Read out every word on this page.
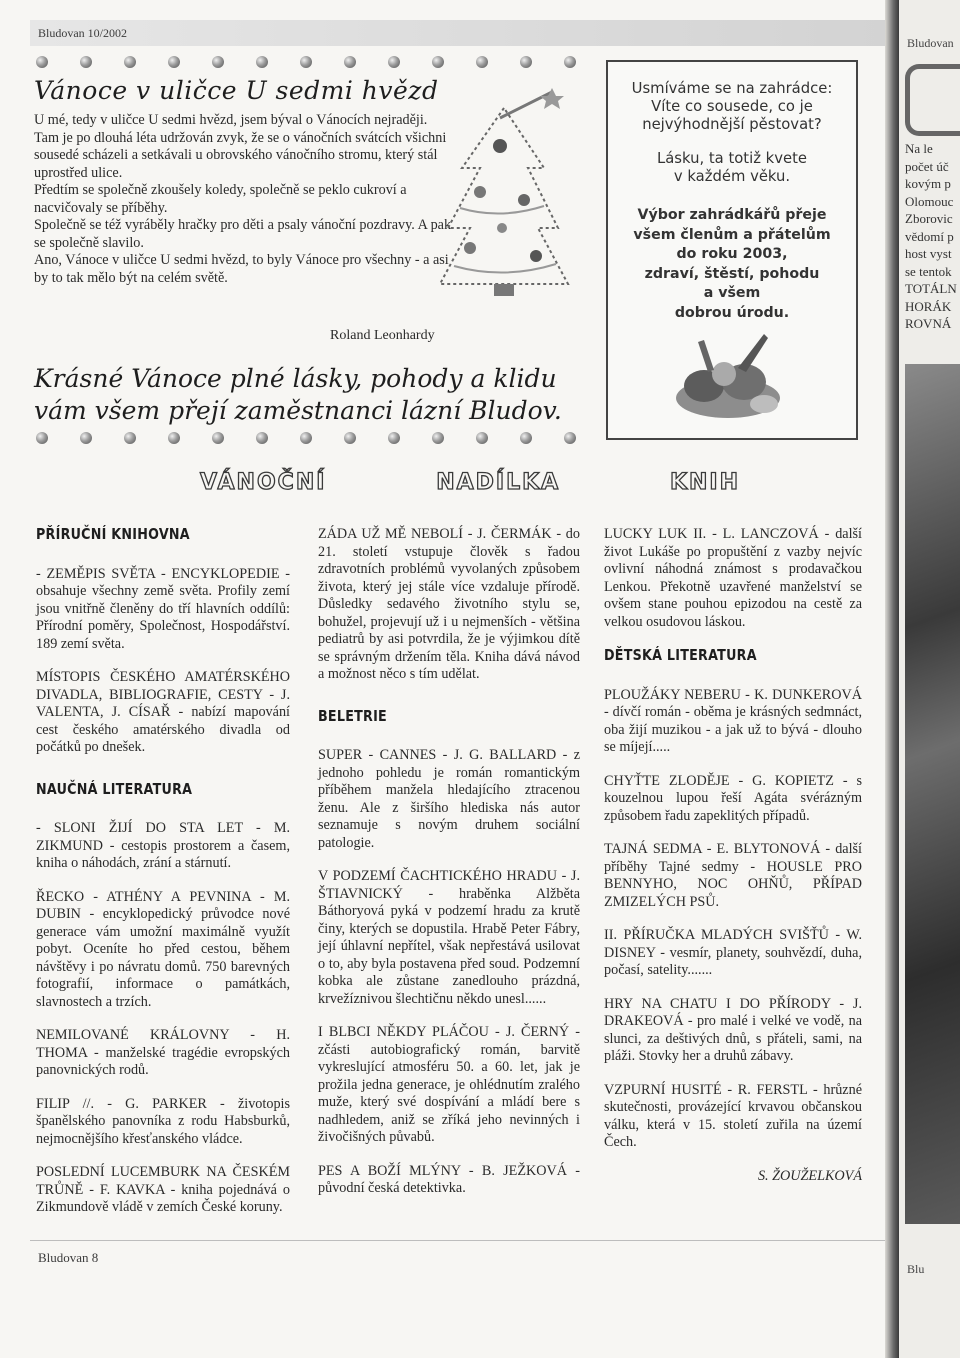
Bludovan 10/2002
Vánoce v uličce U sedmi hvězd

U mé, tedy v uličce U sedmi hvězd, jsem býval o Vánocích nejraději.

Tam je po dlouhá léta udržován zvyk, že se o vánočních svátcích všichni sousedé scházeli a setkávali u obrovského vánočního stromu, který stál uprostřed ulice.

Předtím se společně zkoušely koledy, společně se peklo cukroví a nacvičovaly se příběhy.

Společně se též vyráběly hračky pro děti a psaly vánoční pozdravy. A pak se společně slavilo.

Ano, Vánoce v uličce U sedmi hvězd, to byly Vánoce pro všechny - a asi by to tak mělo být na celém světě.

Roland Leonhardy
Krásné Vánoce plné lásky, pohody a klidu
vám všem přejí zaměstnanci lázní Bludov.
Usmíváme se na zahrádce:
Víte co sousede, co je
nejvýhodnější pěstovat?
Lásku, ta totiž kvete
v každém věku.
Výbor zahrádkářů přeje
všem členům a přátelům
do roku 2003,
zdraví, štěstí, pohodu
a všem
dobrou úrodu.
VÁNOČNÍ	NADÍLKA	KNIH
PŘÍRUČNÍ KNIHOVNA

- ZEMĚPIS SVĚTA - ENCYKLOPEDIE - obsahuje všechny země světa. Profily zemí jsou vnitřně členěny do tří hlavních oddílů: Přírodní poměry, Společnost, Hospodářství. 189 zemí světa.

MÍSTOPIS ČESKÉHO AMATÉRSKÉHO DIVADLA, BIBLIOGRAFIE, CESTY - J. VALENTA, J. CÍSAŘ - nabízí mapování cest českého amatérského divadla od počátků po dnešek.

NAUČNÁ LITERATURA

- SLONI ŽIJÍ DO STA LET - M. ZIKMUND - cestopis prostorem a časem, kniha o náhodách, zrání a stárnutí.

ŘECKO - ATHÉNY A PEVNINA - M. DUBIN - encyklopedický průvodce nové generace vám umožní maximálně využít pobyt. Oceníte ho před cestou, během návštěvy i po návratu domů. 750 barevných fotografií, informace o památkách, slavnostech a trzích.

NEMILOVANÉ KRÁLOVNY - H. THOMA - manželské tragédie evropských panovnických rodů.

FILIP //. - G. PARKER - životopis španělského panovníka z rodu Habsburků, nejmocnějšího křesťanského vládce.

POSLEDNÍ LUCEMBURK NA ČESKÉM TRŮNĚ - F. KAVKA - kniha pojednává o Zikmundově vládě v zemích České koruny.

ZÁDA UŽ MĚ NEBOLÍ - J. ČERMÁK - do 21. století vstupuje člověk s řadou zdravotních problémů vyvolaných způsobem života, který jej stále více vzdaluje přírodě. Důsledky sedavého životního stylu se, bohužel, projevují už i u nejmenších - většina pediatrů by asi potvrdila, že je výjimkou dítě se správným držením těla. Kniha dává návod a možnost něco s tím udělat.

BELETRIE

SUPER - CANNES - J. G. BALLARD - z jednoho pohledu je román romantickým příběhem manžela hledajícího ztracenou ženu. Ale z širšího hlediska nás autor seznamuje s novým druhem sociální patologie.

V PODZEMÍ ČACHTICKÉHO HRADU - J. ŠTIAVNICKÝ - hraběnka Alžběta Báthoryová pyká v podzemí hradu za krutě činy, kterých se dopustila. Hrabě Peter Fábry, její úhlavní nepřítel, však nepřestává usilovat o to, aby byla postavena před soud. Podzemní kobka ale zůstane zanedlouho prázdná, krvežíznivou šlechtičnu někdo unesl......

I BLBCI NĚKDY PLÁČOU - J. ČERNÝ - zčásti autobiografický román, barvitě vykreslující atmosféru 50. a 60. let, jak je prožila jedna generace, je ohlédnutím zralého muže, který své dospívání a mládí bere s nadhledem, aniž se zříká jeho nevinných i živočišných půvabů.

PES A BOŽÍ MLÝNY - B. JEŽKOVÁ - původní česká detektivka.

LUCKY LUK II. - L. LANCZOVÁ - další život Lukáše po propuštění z vazby nejvíc ovlivní náhodná známost s prodavačkou Lenkou. Překotně uzavřené manželství se ovšem stane pouhou epizodou na cestě za velkou osudovou láskou.

DĚTSKÁ LITERATURA

PLOUŽÁKY NEBERU - K. DUNKEROVÁ - dívčí román - oběma je krásných sedmnáct, oba žijí muzikou - a jak už to bývá - dlouho se míjejí.....

CHYŤTE ZLODĚJE - G. KOPIETZ - s kouzelnou lupou řeší Agáta svérázným způsobem řadu zapeklitých případů.

TAJNÁ SEDMA - E. BLYTONOVÁ - další příběhy Tajné sedmy - HOUSLE PRO BENNYHO, NOC OHŇŮ, PŘÍPAD ZMIZELÝCH PSŮ.

II. PŘÍRUČKA MLADÝCH SVIŠŤŮ - W. DISNEY - vesmír, planety, souhvězdí, duha, počasí, satelity.......

HRY NA CHATU I DO PŘÍRODY - J. DRAKEOVÁ - pro malé i velké ve vodě, na slunci, za deštivých dnů, s přáteli, sami, na pláži. Stovky her a druhů zábavy.

VZPURNÍ HUSITÉ - R. FERSTL - hrůzné skutečnosti, provázející krvavou občanskou válku, která v 15. století zuřila na území Čech.

S. ŽOUŽELKOVÁ
Bludovan 8
Bludovan
Na le
počet úč
kovým p
Olomouc
Zborovic
vědomí p
host vyst
se tentok
TOTÁLN
HORÁK
ROVNÁ
Blu
